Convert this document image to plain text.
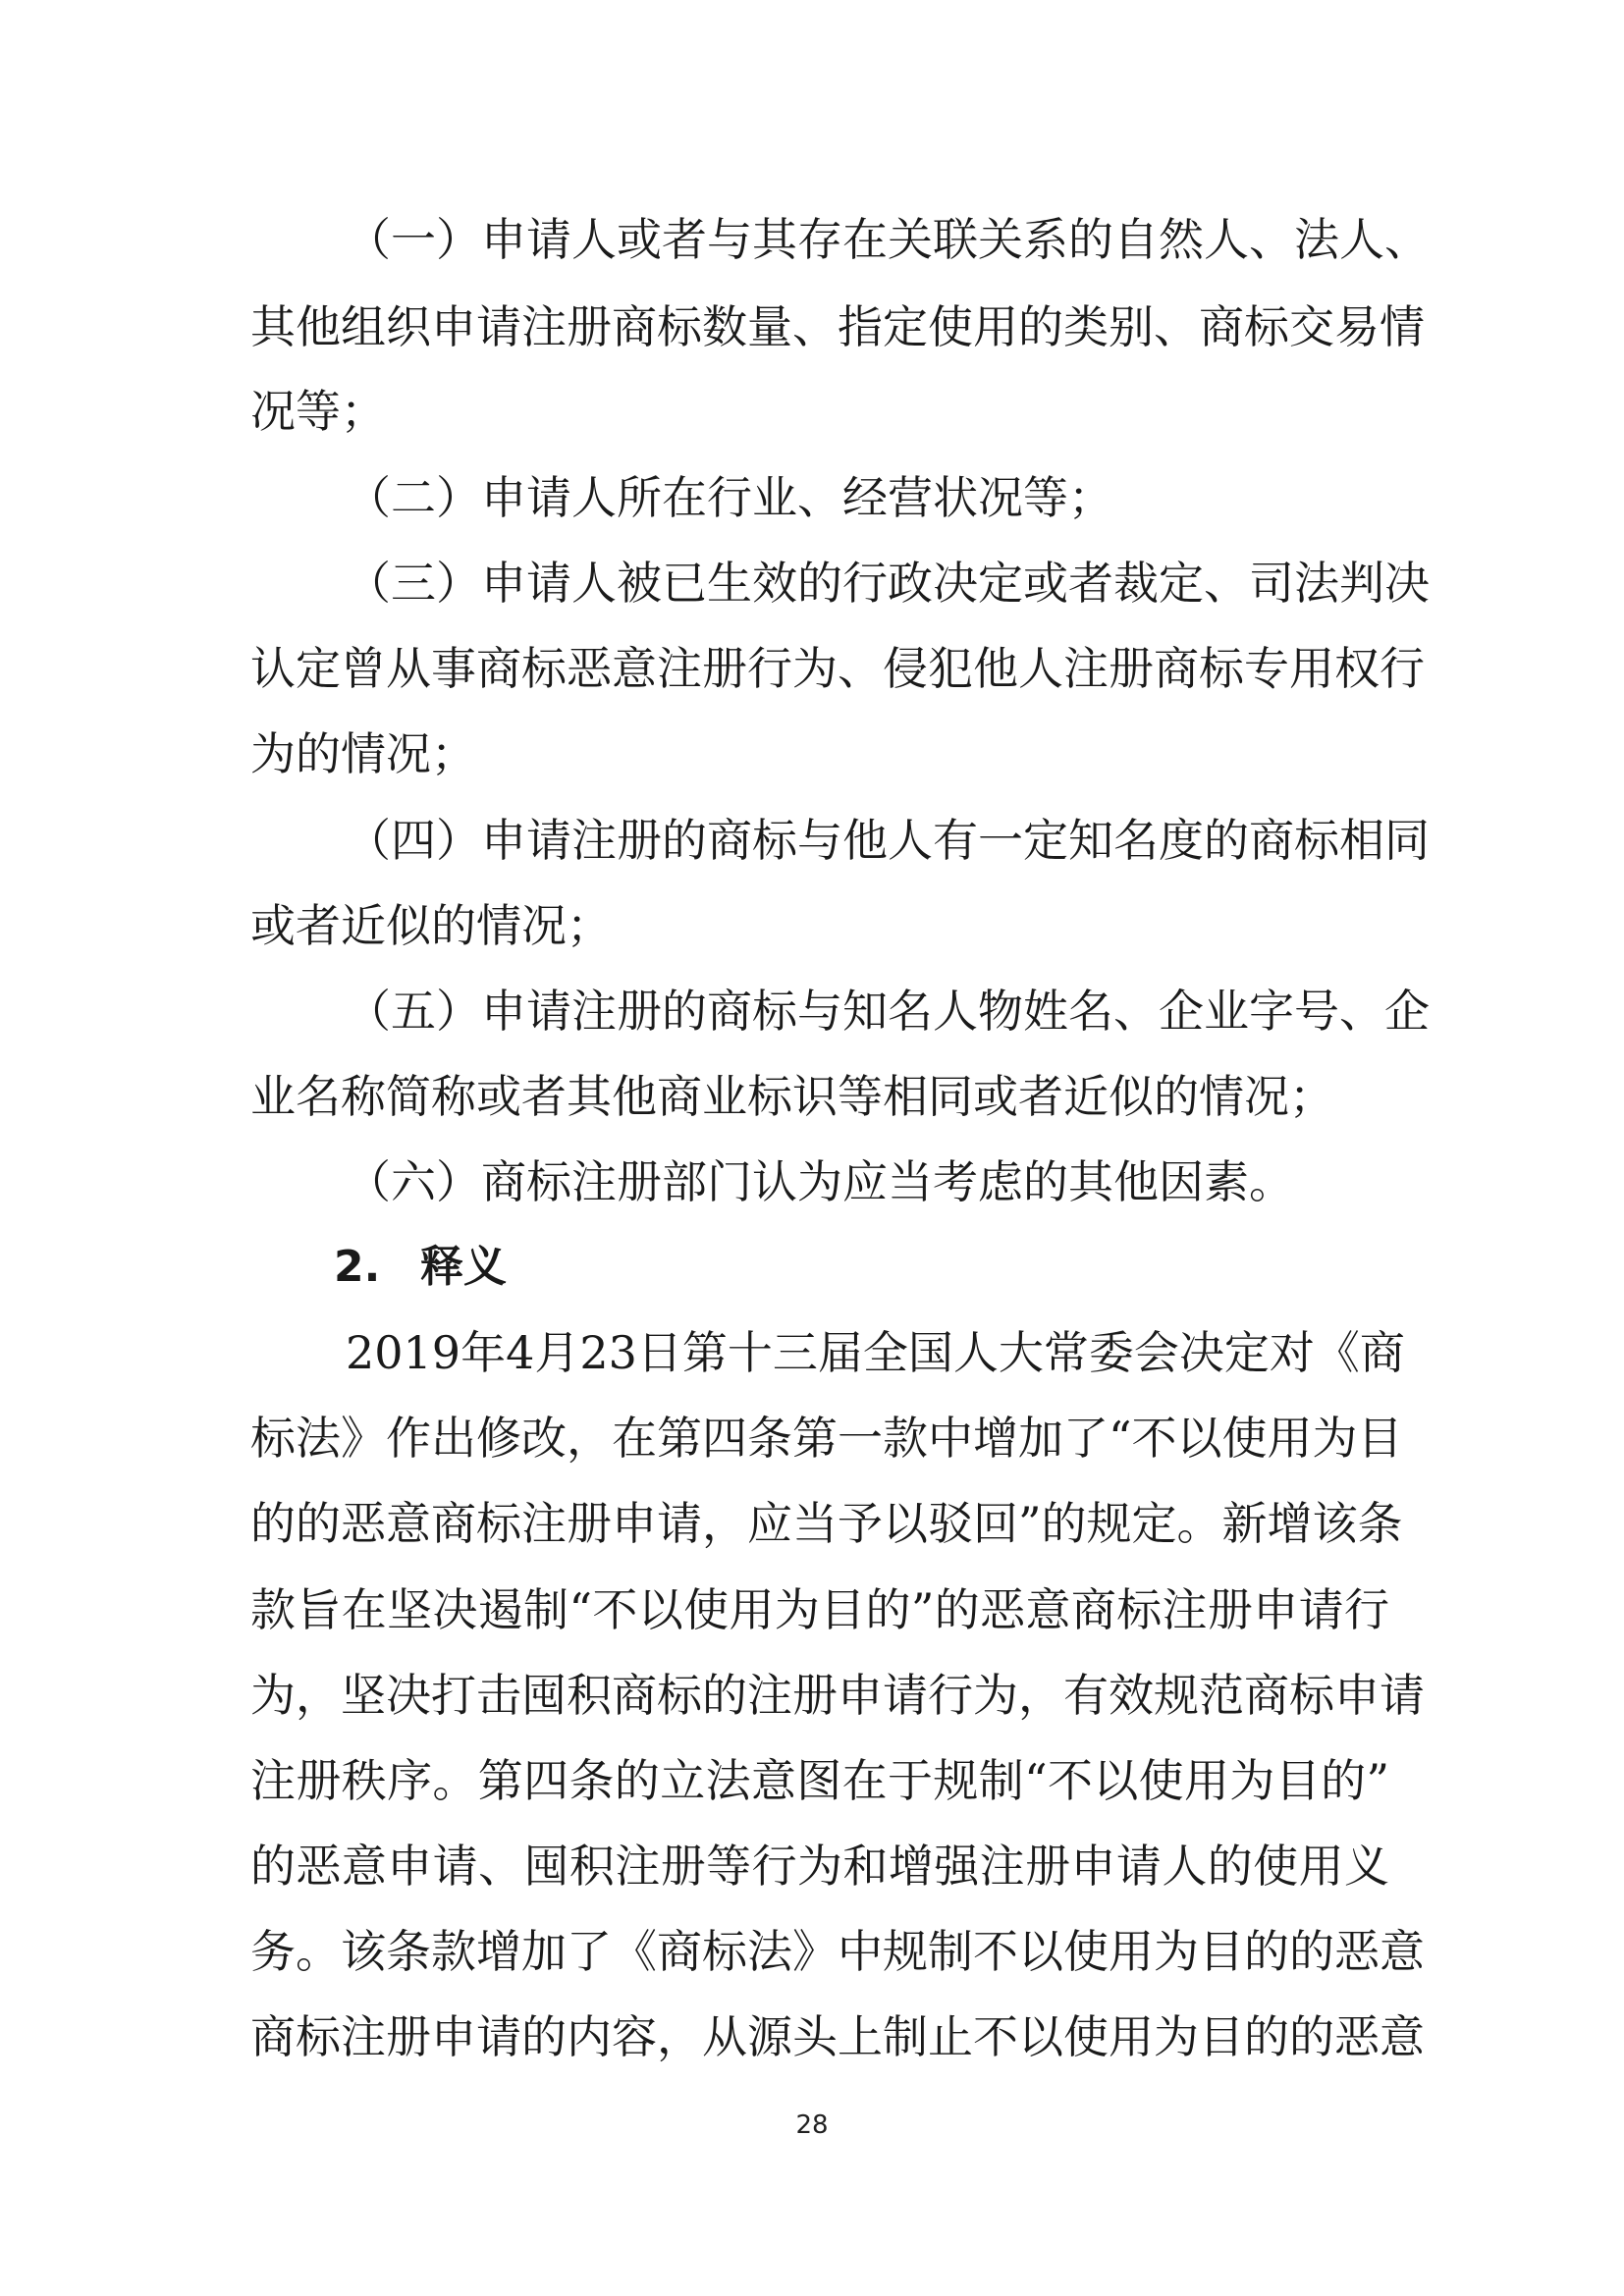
（一）申请人或者与其存在关联关系的自然人、法人、
其他组织申请注册商标数量、指定使用的类别、商标交易情
况等；
（二）申请人所在行业、经营状况等；
（三）申请人被已生效的行政决定或者裁定、司法判决
认定曾从事商标恶意注册行为、侵犯他人注册商标专用权行
为的情况；
（四）申请注册的商标与他人有一定知名度的商标相同
或者近似的情况；
（五）申请注册的商标与知名人物姓名、企业字号、企
业名称简称或者其他商业标识等相同或者近似的情况；
（六）商标注册部门认为应当考虑的其他因素。
2. 释义
2019年4月23日第十三届全国人大常委会决定对《商
标法》作出修改，在第四条第一款中增加了“不以使用为目
的的恶意商标注册申请，应当予以驳回”的规定。新增该条
款旨在坚决遏制“不以使用为目的”的恶意商标注册申请行
为，坚决打击囤积商标的注册申请行为，有效规范商标申请
注册秩序。第四条的立法意图在于规制“不以使用为目的”
的恶意申请、囤积注册等行为和增强注册申请人的使用义
务。该条款增加了《商标法》中规制不以使用为目的的恶意
商标注册申请的内容，从源头上制止不以使用为目的的恶意
28
